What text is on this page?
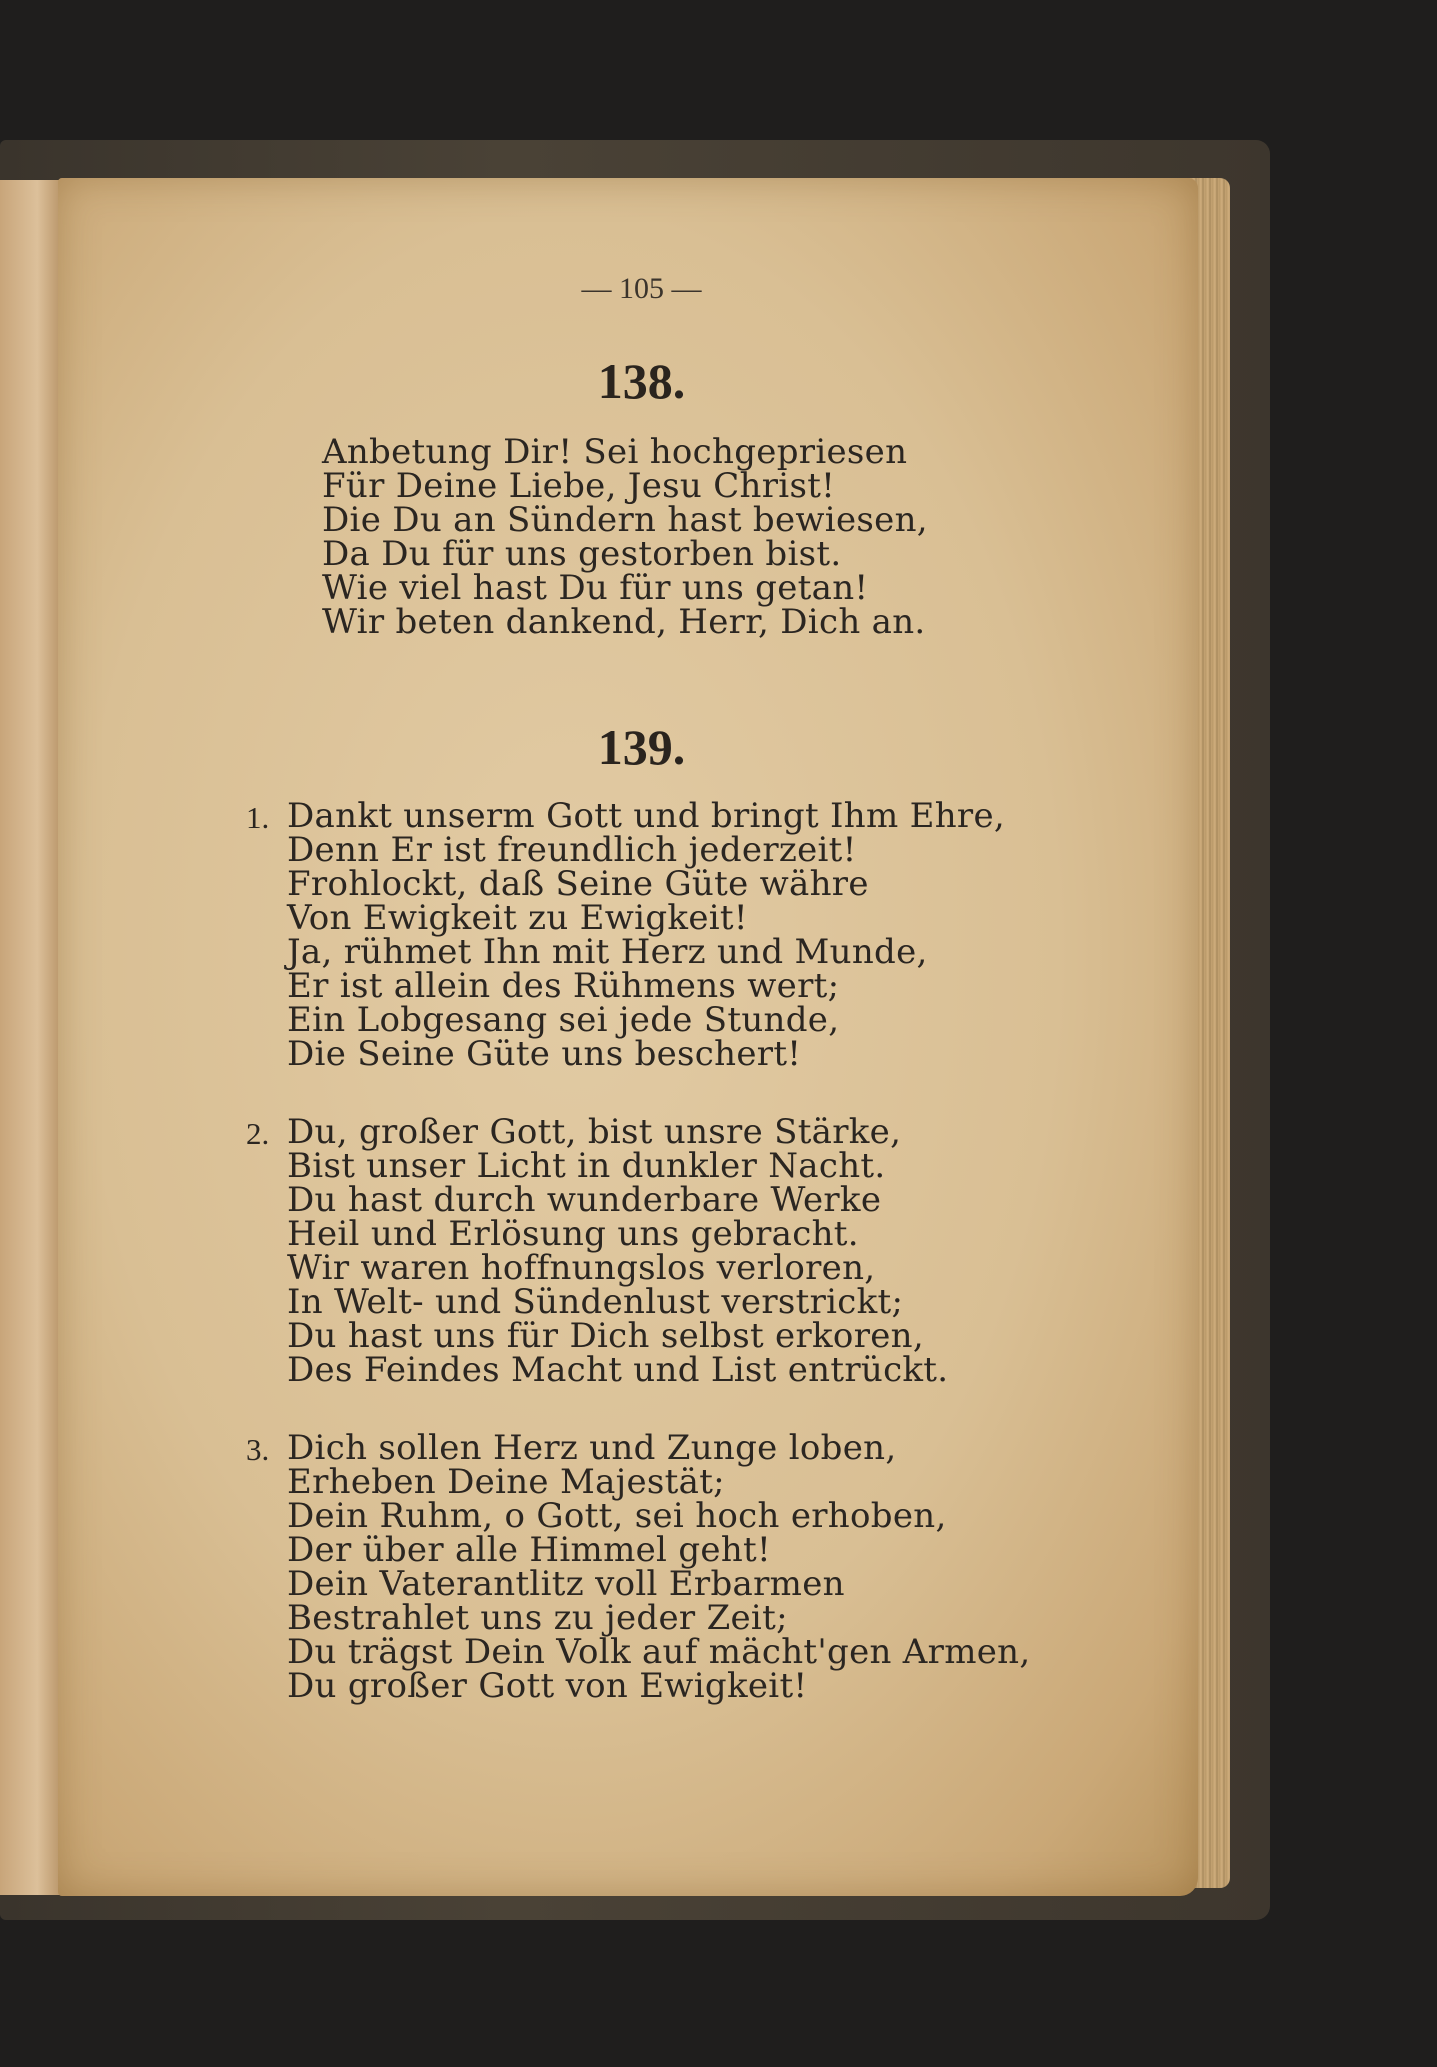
— 105 —
138.
Anbetung Dir! Sei hochgepriesen
Für Deine Liebe, Jesu Christ!
Die Du an Sündern hast bewiesen,
Da Du für uns gestorben bist.
Wie viel hast Du für uns getan!
Wir beten dankend, Herr, Dich an.
139.
1. Dankt unserm Gott und bringt Ihm Ehre,
Denn Er ist freundlich jederzeit!
Frohlockt, daß Seine Güte währe
Von Ewigkeit zu Ewigkeit!
Ja, rühmet Ihn mit Herz und Munde,
Er ist allein des Rühmens wert;
Ein Lobgesang sei jede Stunde,
Die Seine Güte uns beschert!
2. Du, großer Gott, bist unsre Stärke,
Bist unser Licht in dunkler Nacht.
Du hast durch wunderbare Werke
Heil und Erlösung uns gebracht.
Wir waren hoffnungslos verloren,
In Welt- und Sündenlust verstrickt;
Du hast uns für Dich selbst erkoren,
Des Feindes Macht und List entrückt.
3. Dich sollen Herz und Zunge loben,
Erheben Deine Majestät;
Dein Ruhm, o Gott, sei hoch erhoben,
Der über alle Himmel geht!
Dein Vaterantlitz voll Erbarmen
Bestrahlet uns zu jeder Zeit;
Du trägst Dein Volk auf mächt'gen Armen,
Du großer Gott von Ewigkeit!
